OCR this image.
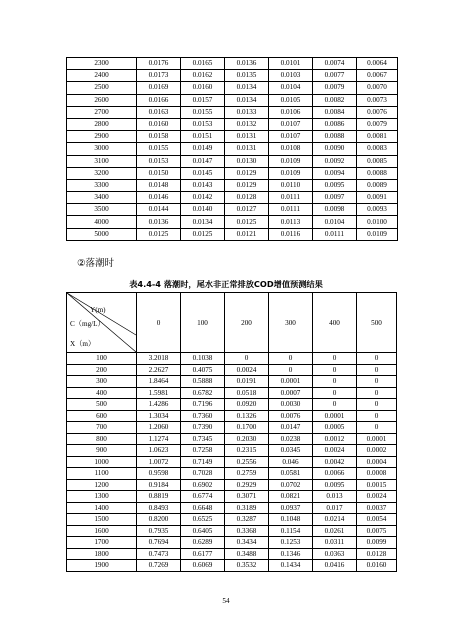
2300	0.0176	0.0165	0.0136	0.0101	0.0074	0.0064
2400	0.0173	0.0162	0.0135	0.0103	0.0077	0.0067
2500	0.0169	0.0160	0.0134	0.0104	0.0079	0.0070
2600	0.0166	0.0157	0.0134	0.0105	0.0082	0.0073
2700	0.0163	0.0155	0.0133	0.0106	0.0084	0.0076
2800	0.0160	0.0153	0.0132	0.0107	0.0086	0.0079
2900	0.0158	0.0151	0.0131	0.0107	0.0088	0.0081
3000	0.0155	0.0149	0.0131	0.0108	0.0090	0.0083
3100	0.0153	0.0147	0.0130	0.0109	0.0092	0.0085
3200	0.0150	0.0145	0.0129	0.0109	0.0094	0.0088
3300	0.0148	0.0143	0.0129	0.0110	0.0095	0.0089
3400	0.0146	0.0142	0.0128	0.0111	0.0097	0.0091
3500	0.0144	0.0140	0.0127	0.0111	0.0098	0.0093
4000	0.0136	0.0134	0.0125	0.0113	0.0104	0.0100
5000	0.0125	0.0125	0.0121	0.0116	0.0111	0.0109
②落潮时
表4.4-4 落潮时，尾水非正常排放COD增值预测结果
Y(m)
C（mg/L）
X（m）	0	100	200	300	400	500
100	3.2018	0.1038	0	0	0	0
200	2.2627	0.4075	0.0024	0	0	0
300	1.8464	0.5888	0.0191	0.0001	0	0
400	1.5981	0.6782	0.0518	0.0007	0	0
500	1.4286	0.7196	0.0920	0.0030	0	0
600	1.3034	0.7360	0.1326	0.0076	0.0001	0
700	1.2060	0.7390	0.1700	0.0147	0.0005	0
800	1.1274	0.7345	0.2030	0.0238	0.0012	0.0001
900	1.0623	0.7258	0.2315	0.0345	0.0024	0.0002
1000	1.0072	0.7149	0.2556	0.046	0.0042	0.0004
1100	0.9598	0.7028	0.2759	0.0581	0.0066	0.0008
1200	0.9184	0.6902	0.2929	0.0702	0.0095	0.0015
1300	0.8819	0.6774	0.3071	0.0821	0.013	0.0024
1400	0.8493	0.6648	0.3189	0.0937	0.017	0.0037
1500	0.8200	0.6525	0.3287	0.1048	0.0214	0.0054
1600	0.7935	0.6405	0.3368	0.1154	0.0261	0.0075
1700	0.7694	0.6289	0.3434	0.1253	0.0311	0.0099
1800	0.7473	0.6177	0.3488	0.1346	0.0363	0.0128
1900	0.7269	0.6069	0.3532	0.1434	0.0416	0.0160
54
